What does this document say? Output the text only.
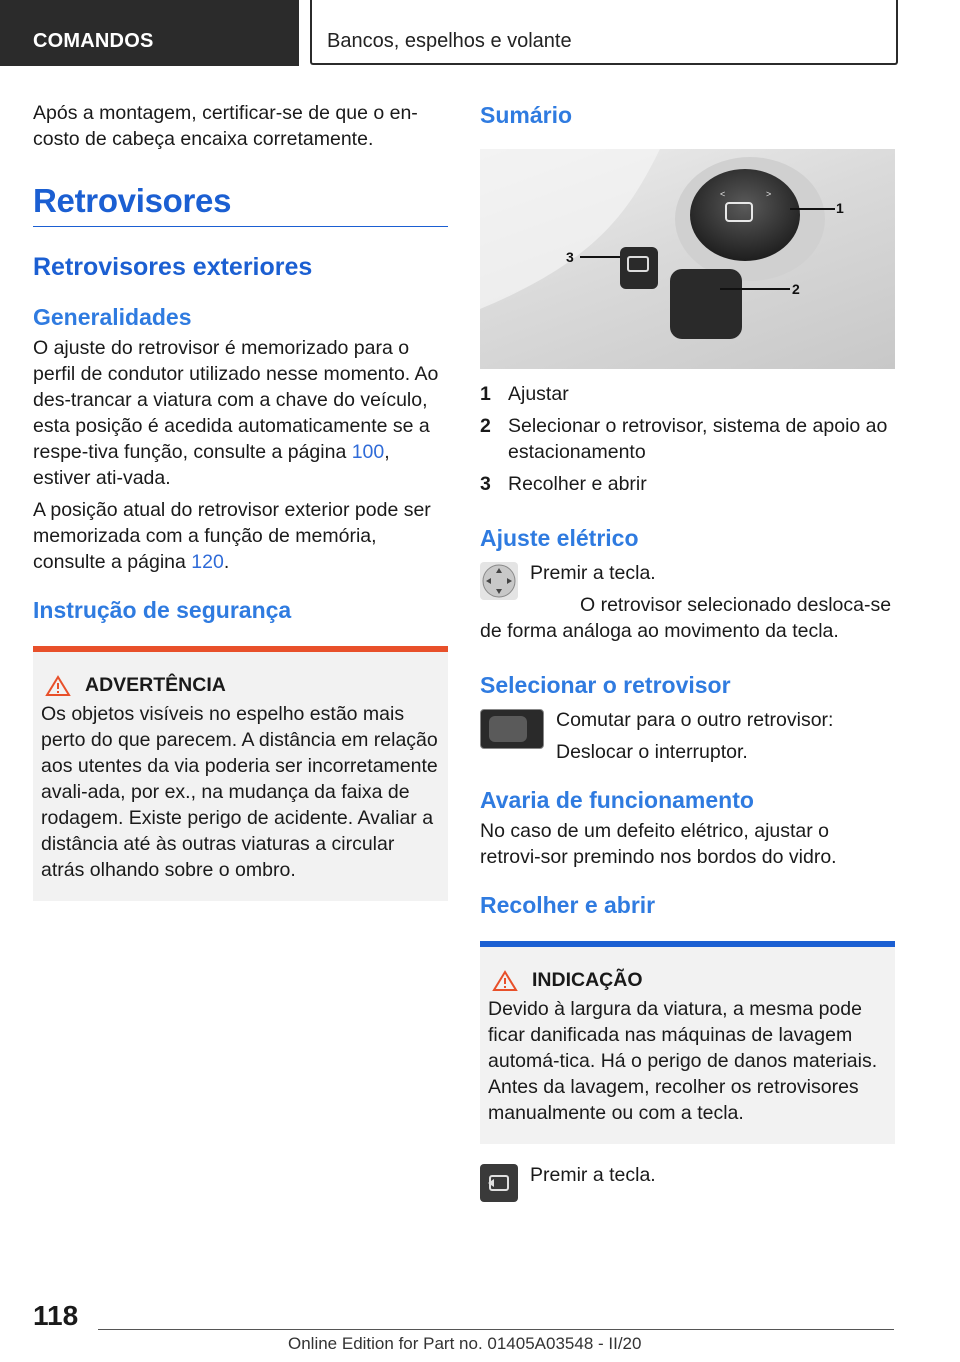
COMANDOS	Bancos, espelhos e volante

Após a montagem, certificar-se de que o en-costo de cabeça encaixa corretamente.

Retrovisores
Retrovisores exteriores
Generalidades

O ajuste do retrovisor é memorizado para o perfil de condutor utilizado nesse momento. Ao des-trancar a viatura com a chave do veículo, esta posição é acedida automaticamente se a respe-tiva função, consulte a página 100, estiver ati-vada.

A posição atual do retrovisor exterior pode ser memorizada com a função de memória, consulte a página 120.

Instrução de segurança
ADVERTÊNCIA

Os objetos visíveis no espelho estão mais perto do que parecem. A distância em relação aos utentes da via poderia ser incorretamente avali-ada, por ex., na mudança da faixa de rodagem. Existe perigo de acidente. Avaliar a distância até às outras viaturas a circular atrás olhando sobre o ombro.

Sumário
<	>
1
2
3
1 Ajustar
2 Selecionar o retrovisor, sistema de apoio ao estacionamento
3 Recolher e abrir
Ajuste elétrico

Premir a tecla.

O retrovisor selecionado desloca-se de forma análoga ao movimento da tecla.

Selecionar o retrovisor

Comutar para o outro retrovisor:

Deslocar o interruptor.

Avaria de funcionamento

No caso de um defeito elétrico, ajustar o retrovi-sor premindo nos bordos do vidro.

Recolher e abrir
INDICAÇÃO

Devido à largura da viatura, a mesma pode ficar danificada nas máquinas de lavagem automá-tica. Há o perigo de danos materiais. Antes da lavagem, recolher os retrovisores manualmente ou com a tecla.

Premir a tecla.

118
Online Edition for Part no. 01405A03548 - II/20
